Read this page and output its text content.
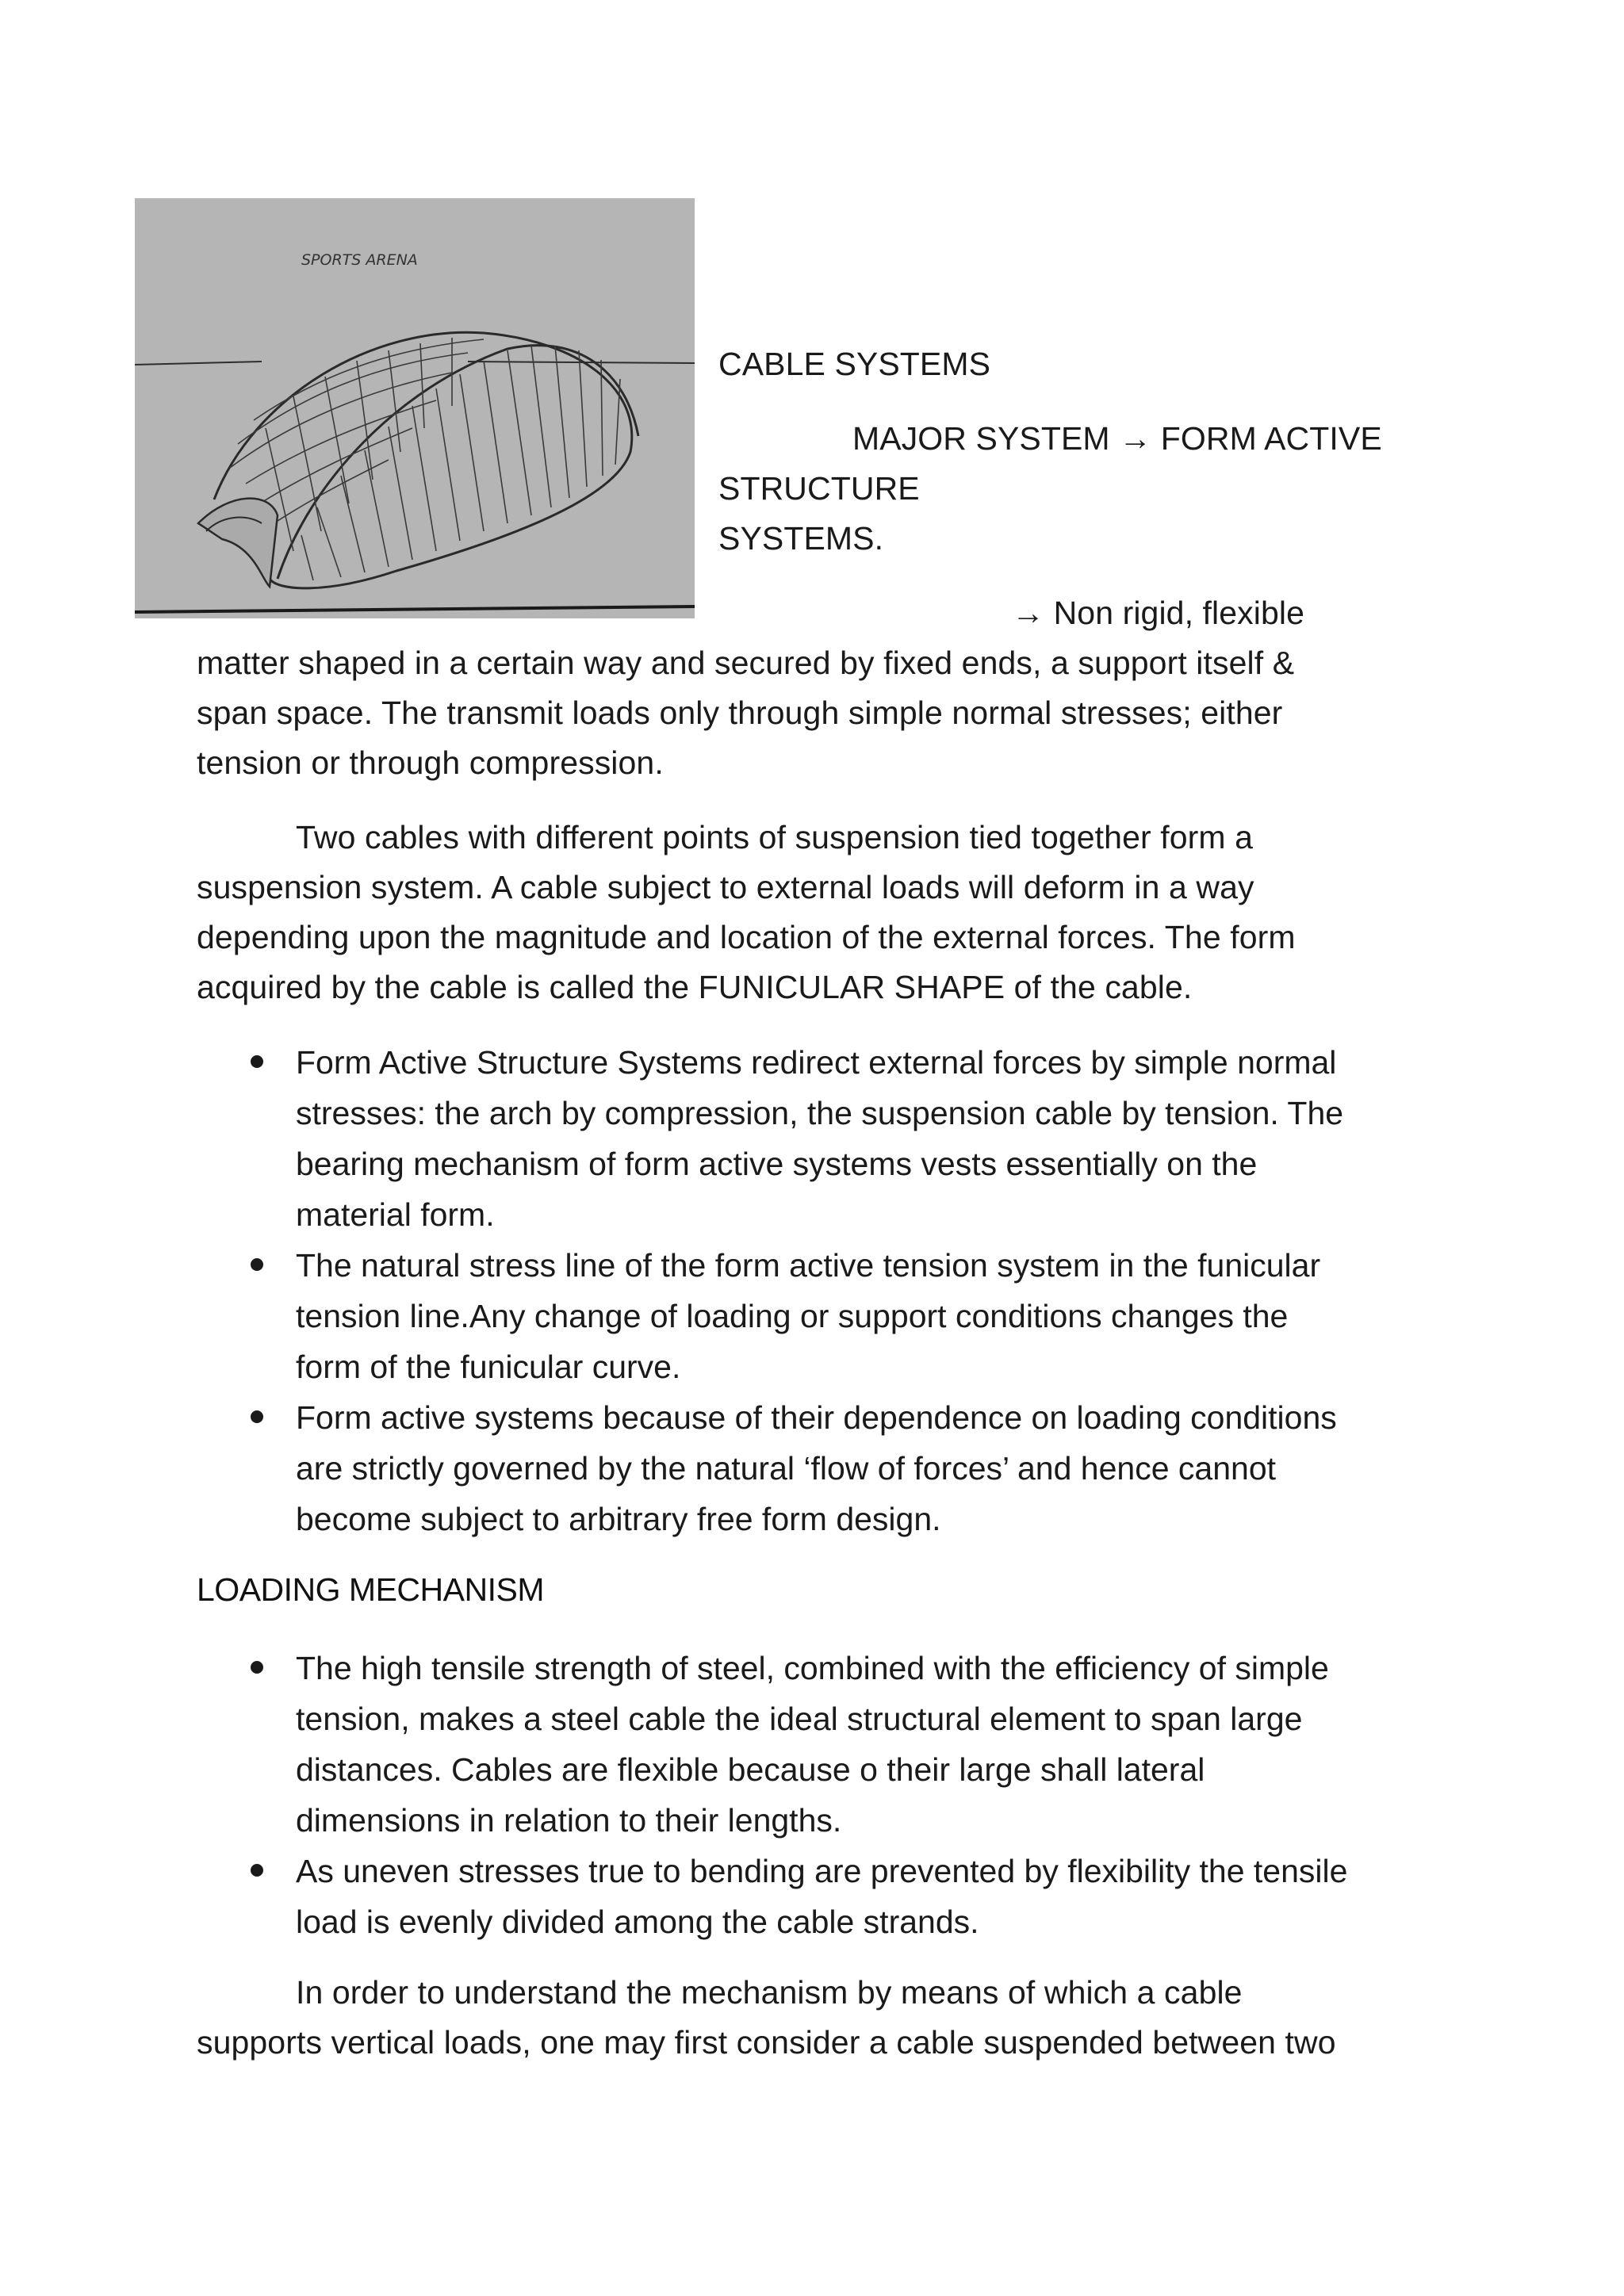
SPORTS ARENA
CABLE SYSTEMS
MAJOR SYSTEM → FORM ACTIVE
STRUCTURE
SYSTEMS.
→ Non rigid, flexible
matter shaped in a certain way and secured by fixed ends, a support itself &
span space. The transmit loads only through simple normal stresses; either
tension or through compression.
Two cables with different points of suspension tied together form a
suspension system. A cable subject to external loads will deform in a way
depending upon the magnitude and location of the external forces. The form
acquired by the cable is called the FUNICULAR SHAPE of the cable.
Form Active Structure Systems redirect external forces by simple normal
stresses: the arch by compression, the suspension cable by tension. The
bearing mechanism of form active systems vests essentially on the
material form.
The natural stress line of the form active tension system in the funicular
tension line.Any change of loading or support conditions changes the
form of the funicular curve.
Form active systems because of their dependence on loading conditions
are strictly governed by the natural ‘flow of forces’ and hence cannot
become subject to arbitrary free form design.
LOADING MECHANISM
The high tensile strength of steel, combined with the efficiency of simple
tension, makes a steel cable the ideal structural element to span large
distances. Cables are flexible because o their large shall lateral
dimensions in relation to their lengths.
As uneven stresses true to bending are prevented by flexibility the tensile
load is evenly divided among the cable strands.
In order to understand the mechanism by means of which a cable
supports vertical loads, one may first consider a cable suspended between two
